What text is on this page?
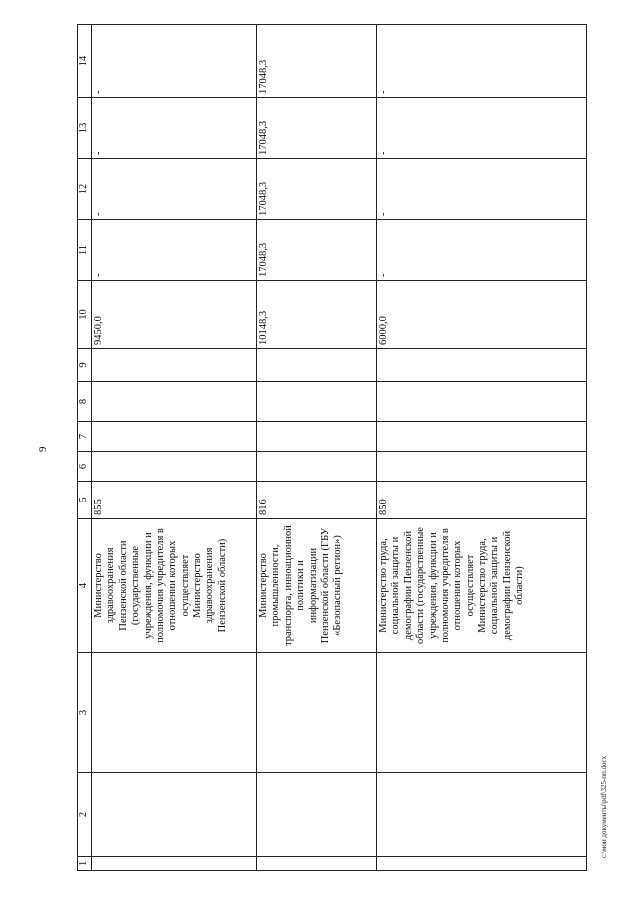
9
1	2	3	4	5	6	7	8	9	10	11	12	13	14
			Министерство здравоохранения Пензенской области (государственные учреждения, функции и полномочия учредителя в отношении которых осуществляет Министерство здравоохранения Пензенской области)	855					9450,0	-	-	-	-
			Министерство промышленности, транспорта, инноационной политики и информатизации Пензенской области (ГБУ «Безопасный регион»)	816					10148,3	17048,3	17048,3	17048,3	17048,3
			Министерство труда, социальной защиты и демографии Пензенской области (государственные учреждения, функции и полномочия учредителя в отношении которых осуществляет Министерство труда, социальной защиты и демографии Пензенской области)	850					6000,0	-	-	-	-
c:\мои документы\pdf\325-пп.docx
